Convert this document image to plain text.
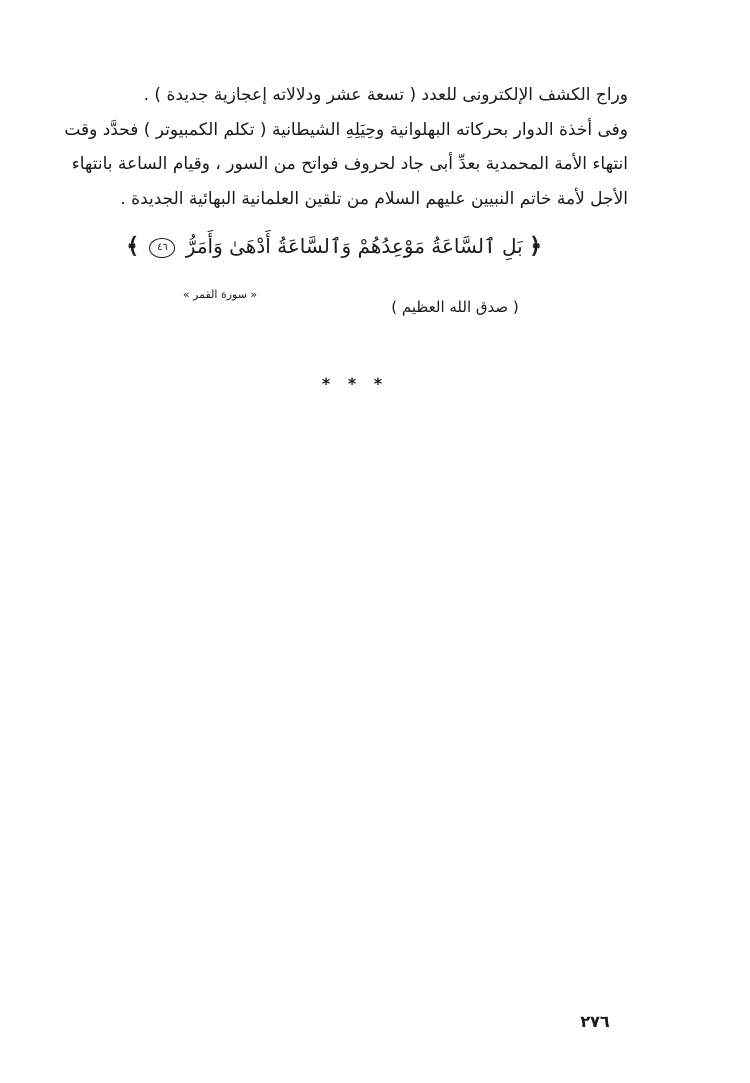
وراج الكشف الإلكترونى للعدد ( تسعة عشر ودلالاته إعجازية جديدة ) .
وفى أخذة الدوار بحركاته البهلوانية وحِيَلِهِ الشيطانية ( تكلم الكمبيوتر ) فحدَّد وقت
انتهاء الأمة المحمدية بعدِّ أبى جاد لحروف فواتح من السور ، وقيام الساعة بانتهاء
الأجل لأمة خاتم النبيين عليهم السلام من تلقين العلمانية البهائية الجديدة .
﴿ بَلِ ٱلسَّاعَةُ مَوْعِدُهُمْ وَٱلسَّاعَةُ أَدْهَىٰ وَأَمَرُّ ٤٦ ﴾
« سورة القمر »
( صدق الله العظيم )
* * *
٢٧٦
